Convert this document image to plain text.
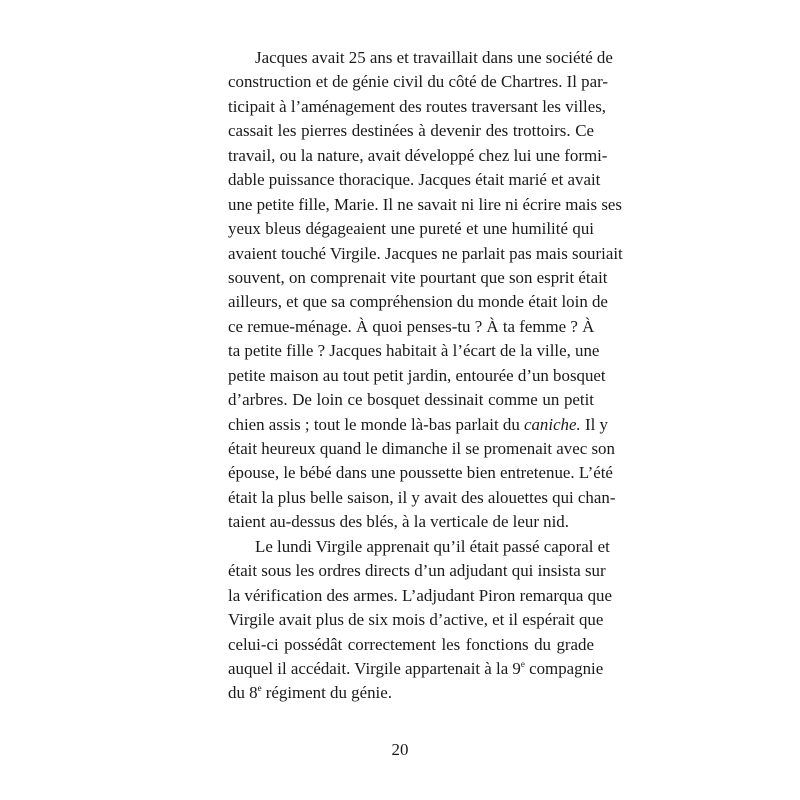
Jacques avait 25 ans et travaillait dans une société de
construction et de génie civil du côté de Chartres. Il par-
ticipait à l’aménagement des routes traversant les villes,
cassait les pierres destinées à devenir des trottoirs. Ce
travail, ou la nature, avait développé chez lui une formi-
dable puissance thoracique. Jacques était marié et avait
une petite fille, Marie. Il ne savait ni lire ni écrire mais ses
yeux bleus dégageaient une pureté et une humilité qui
avaient touché Virgile. Jacques ne parlait pas mais souriait
souvent, on comprenait vite pourtant que son esprit était
ailleurs, et que sa compréhension du monde était loin de
ce remue-ménage. À quoi penses-tu ? À ta femme ? À
ta petite fille ? Jacques habitait à l’écart de la ville, une
petite maison au tout petit jardin, entourée d’un bosquet
d’arbres. De loin ce bosquet dessinait comme un petit
chien assis ; tout le monde là-bas parlait du caniche. Il y
était heureux quand le dimanche il se promenait avec son
épouse, le bébé dans une poussette bien entretenue. L’été
était la plus belle saison, il y avait des alouettes qui chan-
taient au-dessus des blés, à la verticale de leur nid.
Le lundi Virgile apprenait qu’il était passé caporal et
était sous les ordres directs d’un adjudant qui insista sur
la vérification des armes. L’adjudant Piron remarqua que
Virgile avait plus de six mois d’active, et il espérait que
celui-ci possédât correctement les fonctions du grade
auquel il accédait. Virgile appartenait à la 9e compagnie
du 8e régiment du génie.
20
